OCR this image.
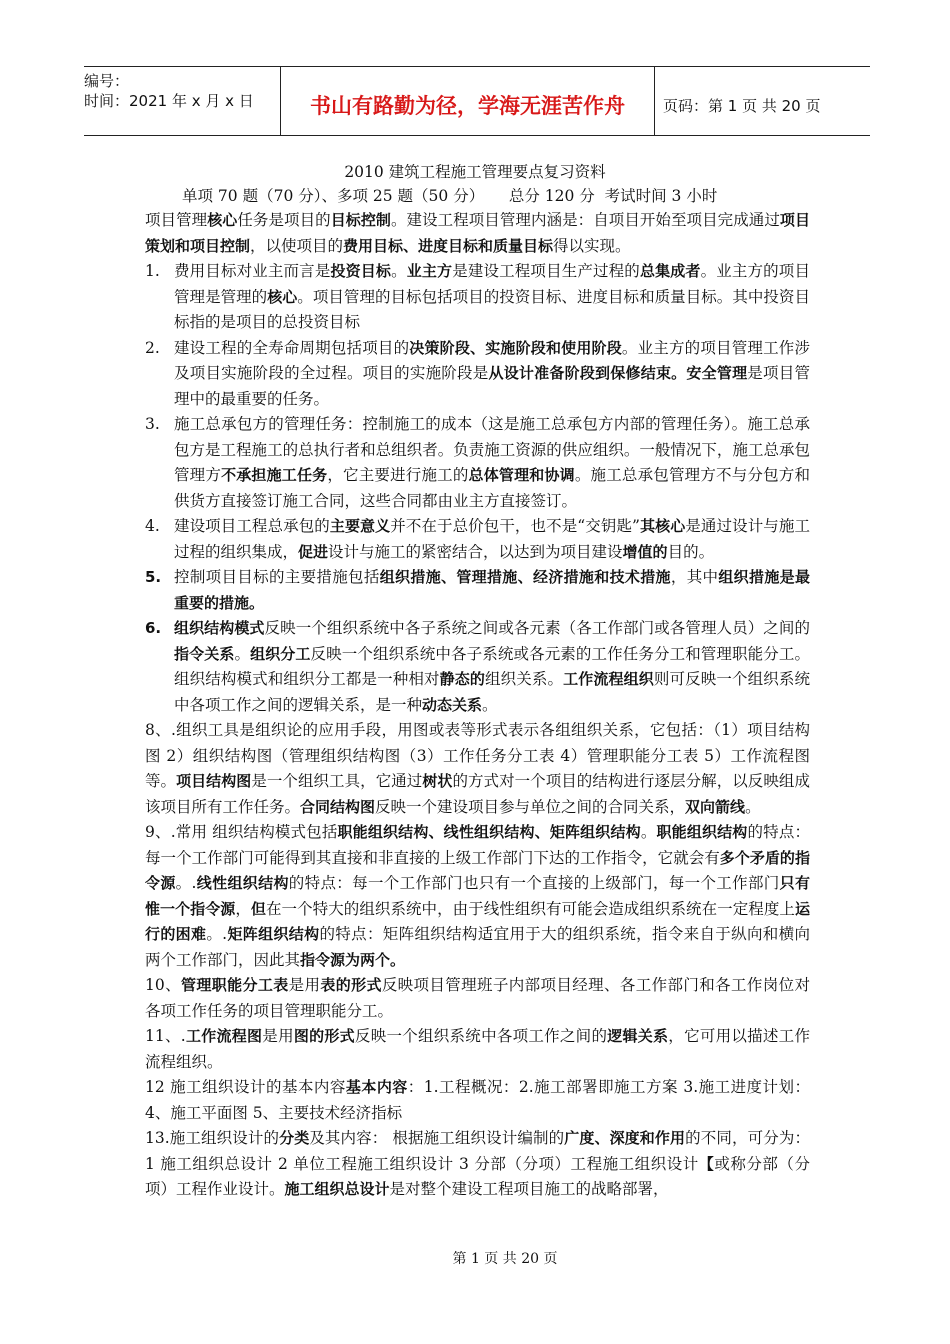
编号：
时间：2021 年 x 月 x 日	书山有路勤为径，学海无涯苦作舟	页码：第 1 页 共 20 页
2010 建筑工程施工管理要点复习资料
单项 70 题（70 分）、多项 25 题（50 分）     总分 120 分  考试时间 3 小时

项目管理核心任务是项目的目标控制。建设工程项目管理内涵是：自项目开始至项目完成通过项目策划和项目控制，以使项目的费用目标、进度目标和质量目标得以实现。

1. 费用目标对业主而言是投资目标。业主方是建设工程项目生产过程的总集成者。业主方的项目管理是管理的核心。项目管理的目标包括项目的投资目标、进度目标和质量目标。其中投资目标指的是项目的总投资目标
2. 建设工程的全寿命周期包括项目的决策阶段、实施阶段和使用阶段。业主方的项目管理工作涉及项目实施阶段的全过程。项目的实施阶段是从设计准备阶段到保修结束。安全管理是项目管理中的最重要的任务。
3. 施工总承包方的管理任务：控制施工的成本（这是施工总承包方内部的管理任务）。施工总承包方是工程施工的总执行者和总组织者。负责施工资源的供应组织。一般情况下，施工总承包管理方不承担施工任务，它主要进行施工的总体管理和协调。施工总承包管理方不与分包方和供货方直接签订施工合同，这些合同都由业主方直接签订。
4. 建设项目工程总承包的主要意义并不在于总价包干，也不是“交钥匙”其核心是通过设计与施工过程的组织集成，促进设计与施工的紧密结合，以达到为项目建设增值的目的。
5. 控制项目目标的主要措施包括组织措施、管理措施、经济措施和技术措施，其中组织措施是最重要的措施。
6. 组织结构模式反映一个组织系统中各子系统之间或各元素（各工作部门或各管理人员）之间的指令关系。组织分工反映一个组织系统中各子系统或各元素的工作任务分工和管理职能分工。组织结构模式和组织分工都是一种相对静态的组织关系。工作流程组织则可反映一个组织系统中各项工作之间的逻辑关系，是一种动态关系。

8、.组织工具是组织论的应用手段，用图或表等形式表示各组组织关系，它包括：（1）项目结构图 2）组织结构图（管理组织结构图（3）工作任务分工表 4）管理职能分工表 5）工作流程图等。项目结构图是一个组织工具，它通过树状的方式对一个项目的结构进行逐层分解，以反映组成该项目所有工作任务。合同结构图反映一个建设项目参与单位之间的合同关系，双向箭线。

9、.常用 组织结构模式包括职能组织结构、线性组织结构、矩阵组织结构。职能组织结构的特点：每一个工作部门可能得到其直接和非直接的上级工作部门下达的工作指令，它就会有多个矛盾的指令源。.线性组织结构的特点：每一个工作部门也只有一个直接的上级部门，每一个工作部门只有惟一个指令源，但在一个特大的组织系统中，由于线性组织有可能会造成组织系统在一定程度上运行的困难。.矩阵组织结构的特点：矩阵组织结构适宜用于大的组织系统，指令来自于纵向和横向两个工作部门，因此其指令源为两个。

10、管理职能分工表是用表的形式反映项目管理班子内部项目经理、各工作部门和各工作岗位对各项工作任务的项目管理职能分工。

11、.工作流程图是用图的形式反映一个组织系统中各项工作之间的逻辑关系，它可用以描述工作流程组织。

12 施工组织设计的基本内容基本内容：1.工程概况：2.施工部署即施工方案 3.施工进度计划：4、施工平面图 5、主要技术经济指标

13.施工组织设计的分类及其内容： 根据施工组织设计编制的广度、深度和作用的不同，可分为：1 施工组织总设计 2 单位工程施工组织设计 3 分部（分项）工程施工组织设计【或称分部（分项）工程作业设计。施工组织总设计是对整个建设工程项目施工的战略部署，

第 1 页 共 20 页
